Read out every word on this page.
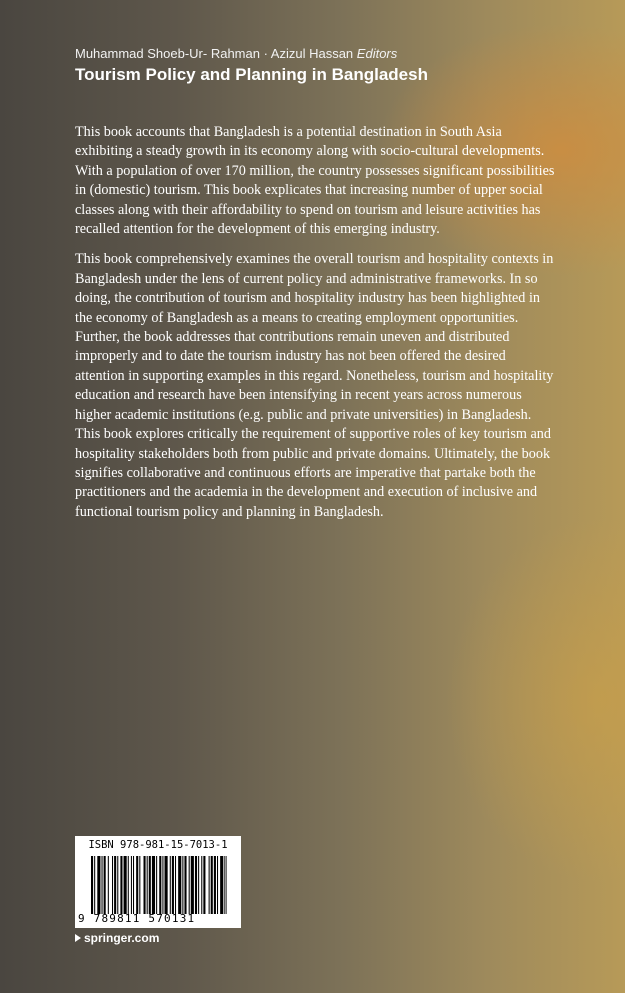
Muhammad Shoeb-Ur- Rahman · Azizul Hassan Editors
Tourism Policy and Planning in Bangladesh

This book accounts that Bangladesh is a potential destination in South Asia exhibiting a steady growth in its economy along with socio-cultural developments. With a population of over 170 million, the country possesses significant possibilities in (domestic) tourism. This book explicates that increasing number of upper social classes along with their affordability to spend on tourism and leisure activities has recalled attention for the development of this emerging industry.

This book comprehensively examines the overall tourism and hospitality contexts in Bangladesh under the lens of current policy and administrative frameworks. In so doing, the contribution of tourism and hospitality industry has been highlighted in the economy of Bangladesh as a means to creating employment opportunities. Further, the book addresses that contributions remain uneven and distributed improperly and to date the tourism industry has not been offered the desired attention in supporting examples in this regard. Nonetheless, tourism and hospitality education and research have been intensifying in recent years across numerous higher academic institutions (e.g. public and private universities) in Bangladesh. This book explores critically the requirement of supportive roles of key tourism and hospitality stakeholders both from public and private domains. Ultimately, the book signifies collaborative and continuous efforts are imperative that partake both the practitioners and the academia in the development and execution of inclusive and functional tourism policy and planning in Bangladesh.

ISBN 978-981-15-7013-1
9 789811 570131
springer.com
